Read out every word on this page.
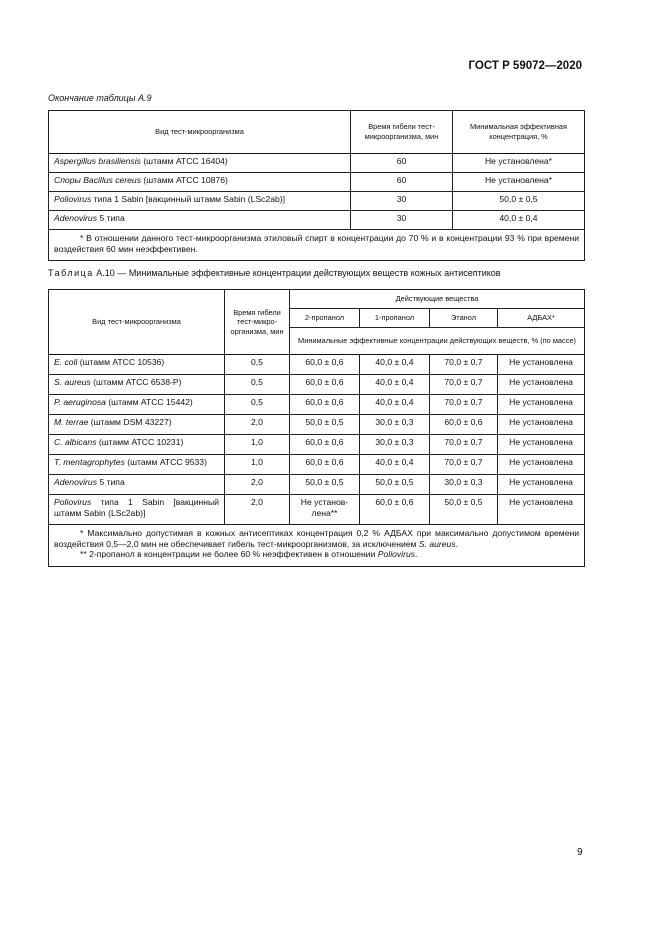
ГОСТ Р 59072—2020
Окончание таблицы А.9
Вид тест-микроорганизма	Время гибели тест-микроорганизма, мин	Минимальная эффективная концентрация, %
Aspergillus brasiliensis (штамм АТСС 16404)	60	Не установлена*
Споры Bacillus cereus (штамм АТСС 10876)	60	Не установлена*
Poliovirus типа 1 Sabin [вакцинный штамм Sabin (LSc2ab)]	30	50,0 ± 0,5
Adenovirus 5 типа	30	40,0 ± 0,4

* В отношении данного тест-микроорганизма этиловый спирт в концентрации до 70 % и в концентрации 93 % при времени воздействия 60 мин неэффективен.		

Таблица А.10 — Минимальные эффективные концентрации действующих веществ кожных антисептиков
Вид тест-микроорганизма	Время гибели тест-микро-организма, мин	Действующие вещества			
		2-пропанол	1-пропанол	Этанол	АДБАХ*
		Минимальные эффективные концентрации действующих веществ, % (по массе)			
E. coli (штамм АТСС 10536)	0,5	60,0 ± 0,6	40,0 ± 0,4	70,0 ± 0,7	Не установлена
S. aureus (штамм АТСС 6538-Р)	0,5	60,0 ± 0,6	40,0 ± 0,4	70,0 ± 0,7	Не установлена
P. aeruginosa (штамм АТСС 15442)	0,5	60,0 ± 0,6	40,0 ± 0,4	70,0 ± 0,7	Не установлена
M. terrae (штамм DSM 43227)	2,0	50,0 ± 0,5	30,0 ± 0,3	60,0 ± 0,6	Не установлена
C. albicans (штамм АТСС 10231)	1,0	60,0 ± 0,6	30,0 ± 0,3	70,0 ± 0,7	Не установлена
T. mentagrophytes (штамм АТСС 9533)	1,0	60,0 ± 0,6	40,0 ± 0,4	70,0 ± 0,7	Не установлена
Adenovirus 5 типа	2,0	50,0 ± 0,5	50,0 ± 0,5	30,0 ± 0,3	Не установлена
Poliovirus типа 1 Sabin [вакцинный штамм Sabin (LSc2ab)]	2,0	Не установ-лена**	60,0 ± 0,6	50,0 ± 0,5	Не установлена

* Максимально допустимая в кожных антисептиках концентрация 0,2 % АДБАХ при максимально допустимом времени воздействия 0,5—2,0 мин не обеспечивает гибель тест-микроорганизмов, за исключением S. aureus.

** 2-пропанол в концентрации не более 60 % неэффективен в отношении Poliovirus.					

9
